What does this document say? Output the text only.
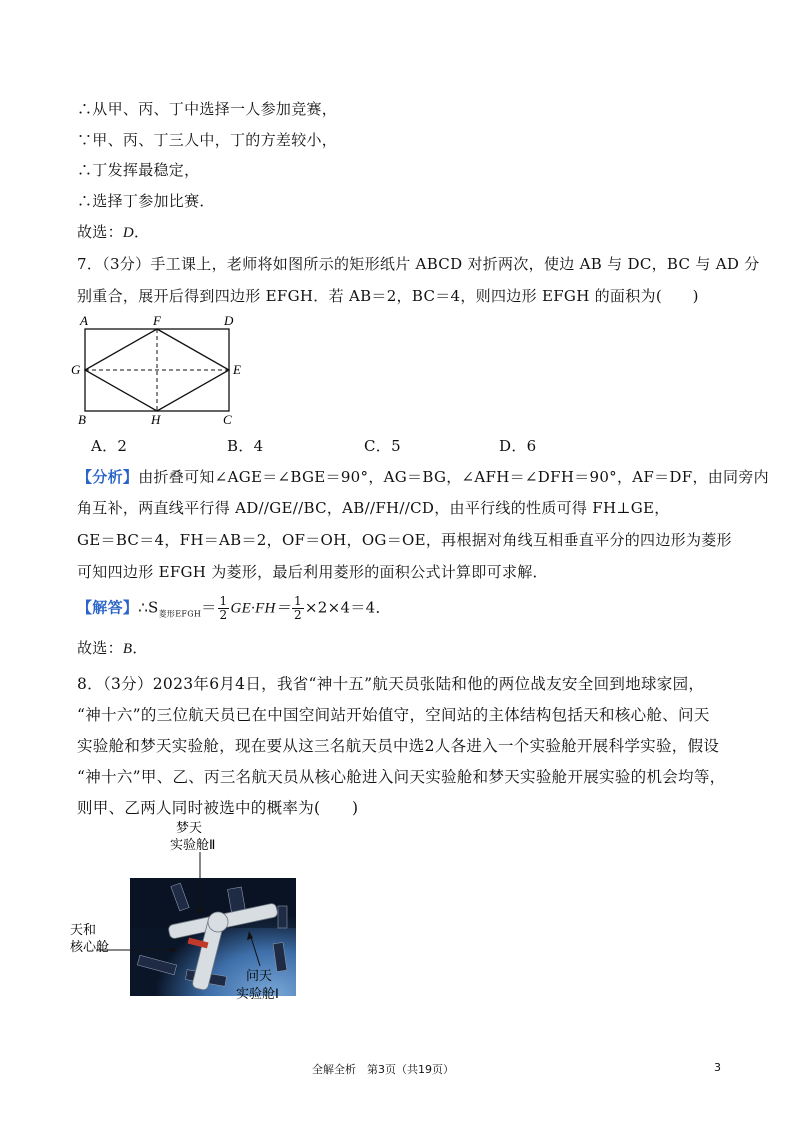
∴从甲、丙、丁中选择一人参加竞赛，
∵甲、丙、丁三人中，丁的方差较小，
∴丁发挥最稳定，
∴选择丁参加比赛．
故选：D．
7．（3分）手工课上，老师将如图所示的矩形纸片 ABCD 对折两次，使边 AB 与 DC，BC 与 AD 分
别重合，展开后得到四边形 EFGH．若 AB＝2，BC＝4，则四边形 EFGH 的面积为(　　)
A	F	D
G	E
B	H	C
A．2	B．4	C．5	D．6
【分析】由折叠可知∠AGE＝∠BGE＝90°，AG＝BG，∠AFH＝∠DFH＝90°，AF＝DF，由同旁内
角互补，两直线平行得 AD//GE//BC，AB//FH//CD，由平行线的性质可得 FH⊥GE，
GE＝BC＝4，FH＝AB＝2，OF＝OH，OG＝OE，再根据对角线互相垂直平分的四边形为菱形
可知四边形 EFGH 为菱形，最后利用菱形的面积公式计算即可求解．
【解答】$\therefore S_{菱形EFGH}= \frac{1}{2} GE\cdot FH= \frac{1}{2} \times 2\times 4=4$．
故选：B．
8．（3分）2023年6月4日，我省“神十五”航天员张陆和他的两位战友安全回到地球家园，
“神十六”的三位航天员已在中国空间站开始值守，空间站的主体结构包括天和核心舱、问天
实验舱和梦天实验舱，现在要从这三名航天员中选2人各进入一个实验舱开展科学实验，假设
“神十六”甲、乙、丙三名航天员从核心舱进入问天实验舱和梦天实验舱开展实验的机会均等，
则甲、乙两人同时被选中的概率为(　　)
梦天
实验舱Ⅱ
天和
核心舱
问天
实验舱Ⅰ
全解全析　第3页（共19页）	3
